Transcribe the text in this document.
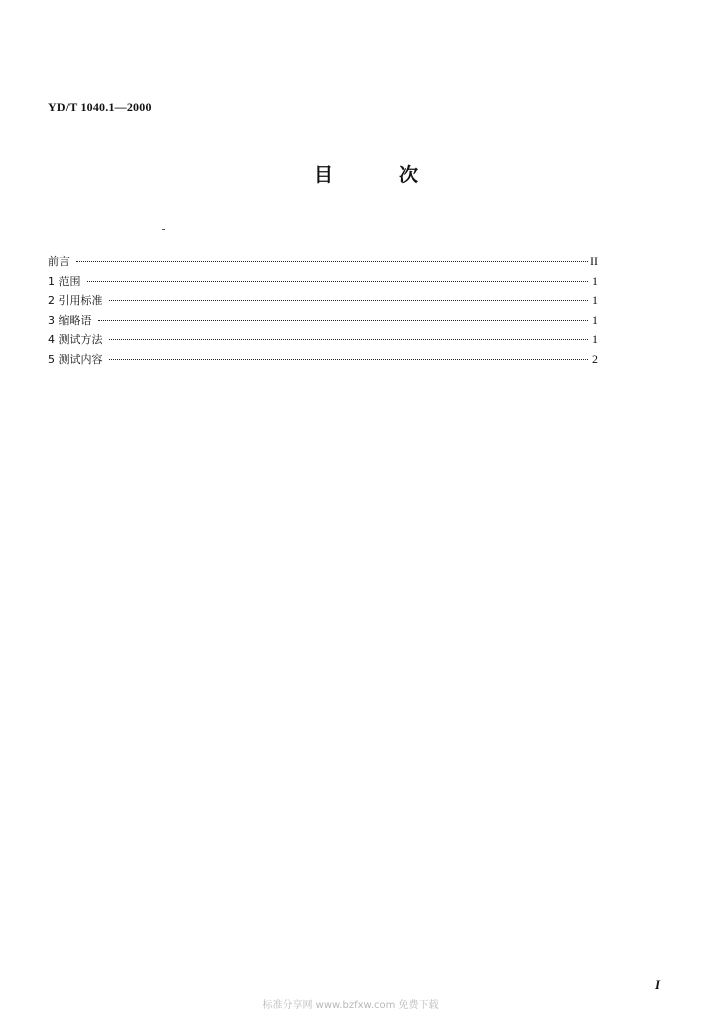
YD/T 1040.1—2000
目	次
前言	II
1 范围	1
2 引用标准	1
3 缩略语	1
4 测试方法	1
5 测试内容	2
I
标准分享网 www.bzfxw.com 免费下载
